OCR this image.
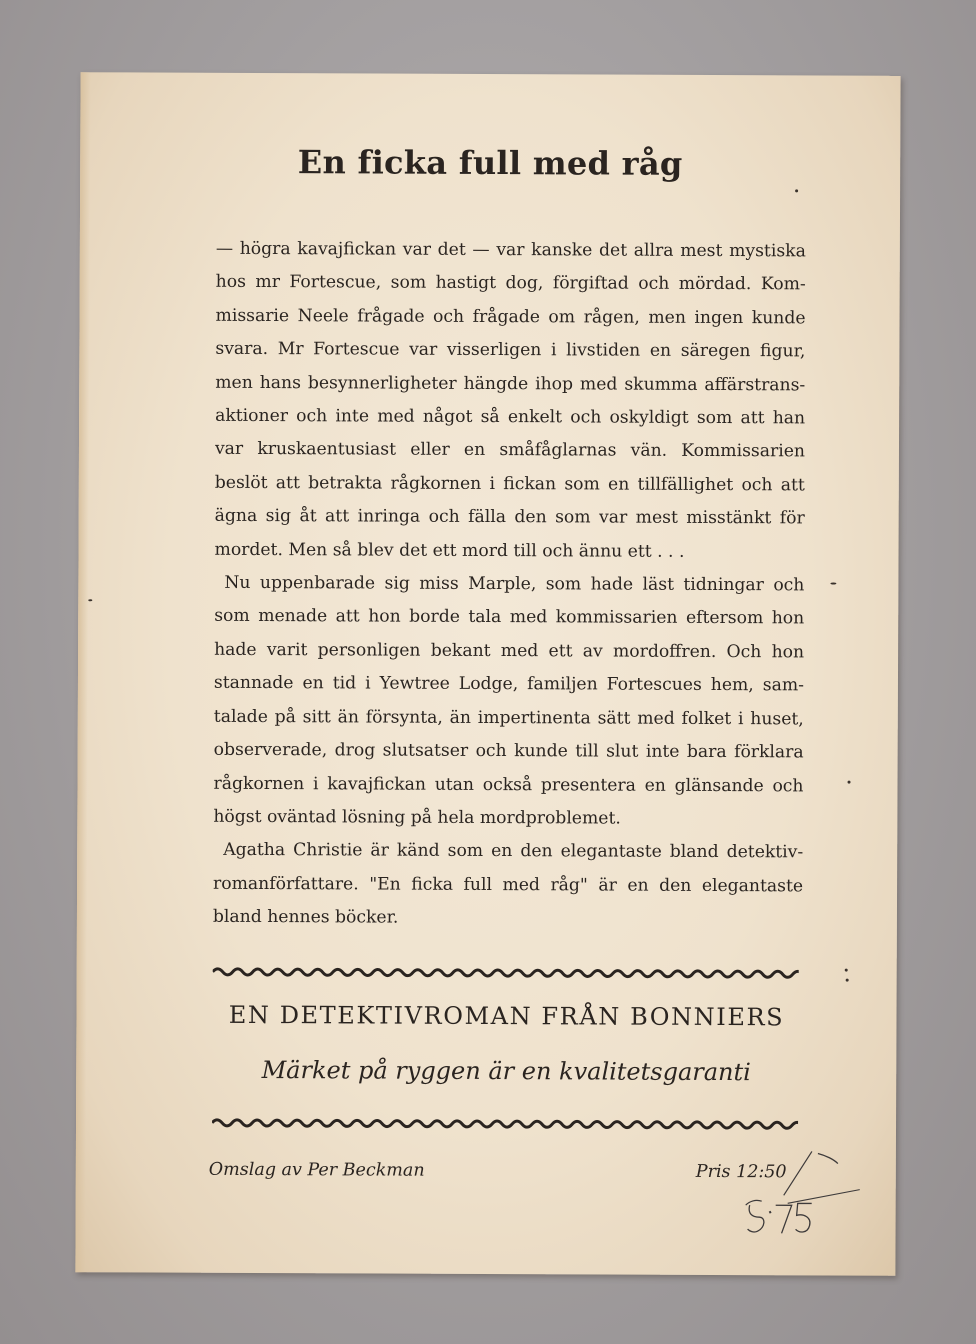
En ficka full med råg
— högra kavajfickan var det — var kanske det allra mest mystiska
hos mr Fortescue, som hastigt dog, förgiftad och mördad. Kom-
missarie Neele frågade och frågade om rågen, men ingen kunde
svara. Mr Fortescue var visserligen i livstiden en säregen figur,
men hans besynnerligheter hängde ihop med skumma affärstrans-
aktioner och inte med något så enkelt och oskyldigt som att han
var kruskaentusiast eller en småfåglarnas vän. Kommissarien
beslöt att betrakta rågkornen i fickan som en tillfällighet och att
ägna sig åt att inringa och fälla den som var mest misstänkt för
mordet. Men så blev det ett mord till och ännu ett . . .
Nu uppenbarade sig miss Marple, som hade läst tidningar och
som menade att hon borde tala med kommissarien eftersom hon
hade varit personligen bekant med ett av mordoffren. Och hon
stannade en tid i Yewtree Lodge, familjen Fortescues hem, sam-
talade på sitt än försynta, än impertinenta sätt med folket i huset,
observerade, drog slutsatser och kunde till slut inte bara förklara
rågkornen i kavajfickan utan också presentera en glänsande och
högst oväntad lösning på hela mordproblemet.
Agatha Christie är känd som en den elegantaste bland detektiv-
romanförfattare. "En ficka full med råg" är en den elegantaste
bland hennes böcker.
EN DETEKTIVROMAN FRÅN BONNIERS
Märket på ryggen är en kvalitetsgaranti
Omslag av Per Beckman	Pris 12:50
